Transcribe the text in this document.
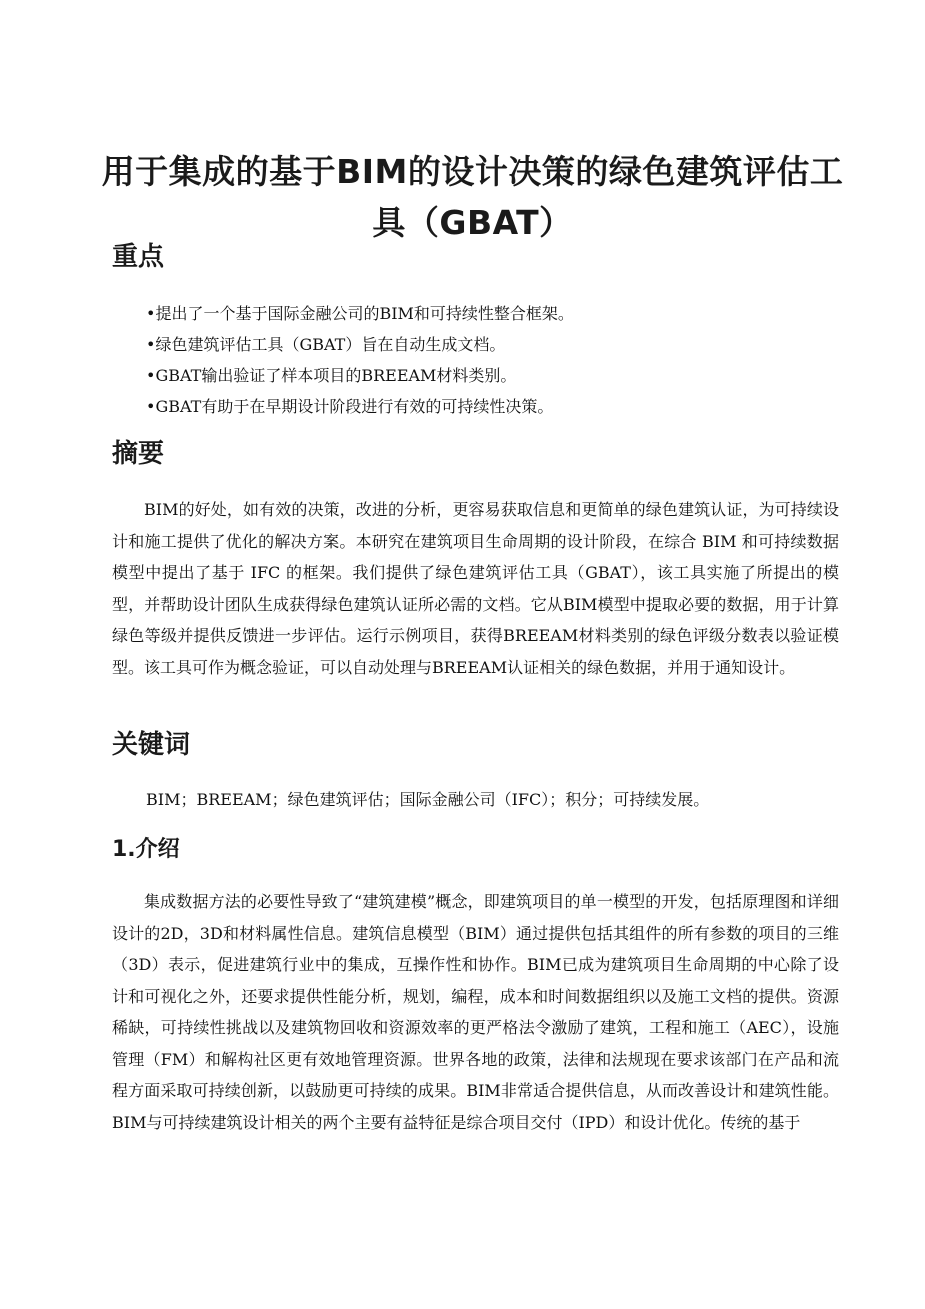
用于集成的基于BIM的设计决策的绿色建筑评估工具（GBAT）
重点
•提出了一个基于国际金融公司的BIM和可持续性整合框架。
•绿色建筑评估工具（GBAT）旨在自动生成文档。
•GBAT输出验证了样本项目的BREEAM材料类别。
•GBAT有助于在早期设计阶段进行有效的可持续性决策。
摘要

BIM的好处，如有效的决策，改进的分析，更容易获取信息和更简单的绿色建筑认证，为可持续设计和施工提供了优化的解决方案。本研究在建筑项目生命周期的设计阶段，在综合 BIM 和可持续数据模型中提出了基于 IFC 的框架。我们提供了绿色建筑评估工具（GBAT），该工具实施了所提出的模型，并帮助设计团队生成获得绿色建筑认证所必需的文档。它从BIM模型中提取必要的数据，用于计算绿色等级并提供反馈进一步评估。运行示例项目，获得BREEAM材料类别的绿色评级分数表以验证模型。该工具可作为概念验证，可以自动处理与BREEAM认证相关的绿色数据，并用于通知设计。

关键词

BIM；BREEAM；绿色建筑评估；国际金融公司（IFC）；积分；可持续发展。

1.介绍

集成数据方法的必要性导致了“建筑建模”概念，即建筑项目的单一模型的开发，包括原理图和详细设计的2D，3D和材料属性信息。建筑信息模型（BIM）通过提供包括其组件的所有参数的项目的三维（3D）表示，促进建筑行业中的集成，互操作性和协作。BIM已成为建筑项目生命周期的中心除了设计和可视化之外，还要求提供性能分析，规划，编程，成本和时间数据组织以及施工文档的提供。资源稀缺，可持续性挑战以及建筑物回收和资源效率的更严格法令激励了建筑，工程和施工（AEC），设施管理（FM）和解构社区更有效地管理资源。世界各地的政策，法律和法规现在要求该部门在产品和流程方面采取可持续创新，以鼓励更可持续的成果。BIM非常适合提供信息，从而改善设计和建筑性能。BIM与可持续建筑设计相关的两个主要有益特征是综合项目交付（IPD）和设计优化。传统的基于
